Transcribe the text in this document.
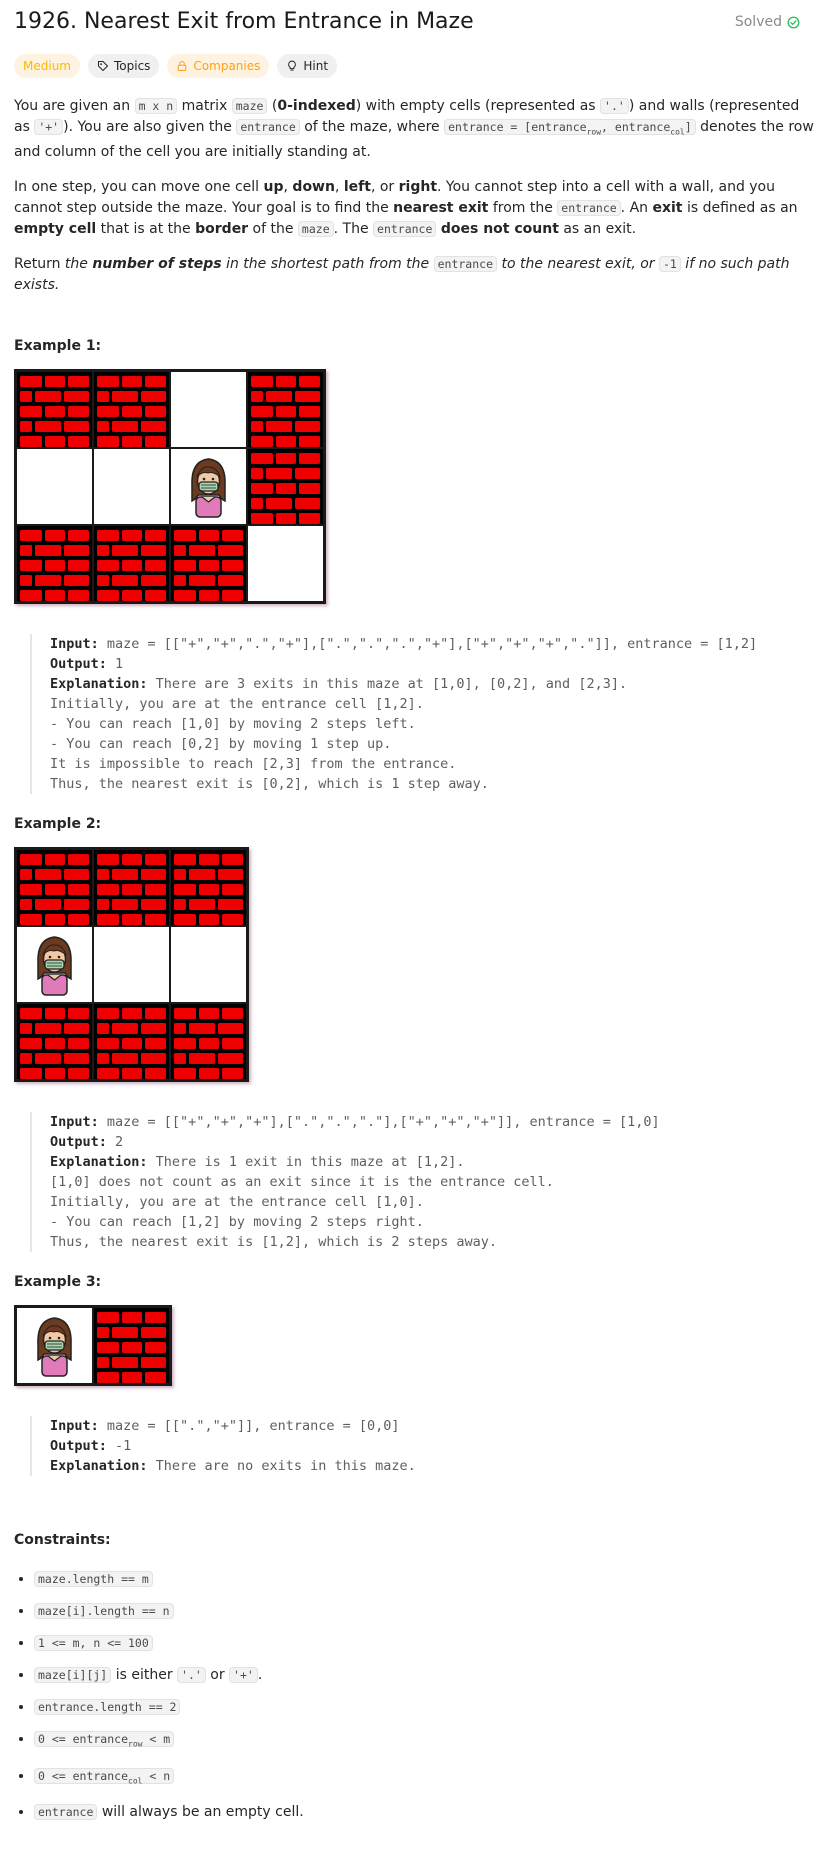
1926. Nearest Exit from Entrance in Maze	Solved
Medium	Topics	Companies	Hint

You are given an m x n matrix maze (0-indexed) with empty cells (represented as '.' ) and walls (represented as '+' ). You are also given the entrance of the maze, where entrance = [entrance$_{row}$, entrance$_{col}$] denotes the row and column of the cell you are initially standing at.

In one step, you can move one cell up, down, left, or right. You cannot step into a cell with a wall, and you cannot step outside the maze. Your goal is to find the nearest exit from the entrance . An exit is defined as an empty cell that is at the border of the maze . The entrance does not count as an exit.

Return the number of steps in the shortest path from the entrance to the nearest exit, or -1 if no such path exists.

Example 1:
Input: maze = [["+","+",".","+"],[".",".",".","+"],["+","+","+","."]], entrance = [1,2]
Output: 1
Explanation: There are 3 exits in this maze at [1,0], [0,2], and [2,3].
Initially, you are at the entrance cell [1,2].
- You can reach [1,0] by moving 2 steps left.
- You can reach [0,2] by moving 1 step up.
It is impossible to reach [2,3] from the entrance.
Thus, the nearest exit is [0,2], which is 1 step away.
Example 2:
Input: maze = [["+","+","+"],[".",".","."],["+","+","+"]], entrance = [1,0]
Output: 2
Explanation: There is 1 exit in this maze at [1,2].
[1,0] does not count as an exit since it is the entrance cell.
Initially, you are at the entrance cell [1,0].
- You can reach [1,2] by moving 2 steps right.
Thus, the nearest exit is [1,2], which is 2 steps away.
Example 3:
Input: maze = [[".","+"]], entrance = [0,0]
Output: -1
Explanation: There are no exits in this maze.
Constraints:
• maze.length == m
• maze[i].length == n
• 1 <= m, n <= 100
• maze[i][j] is either '.' or '+' .
• entrance.length == 2
• 0 <= entrance$_{row}$ < m
• 0 <= entrance$_{col}$ < n
• entrance will always be an empty cell.
